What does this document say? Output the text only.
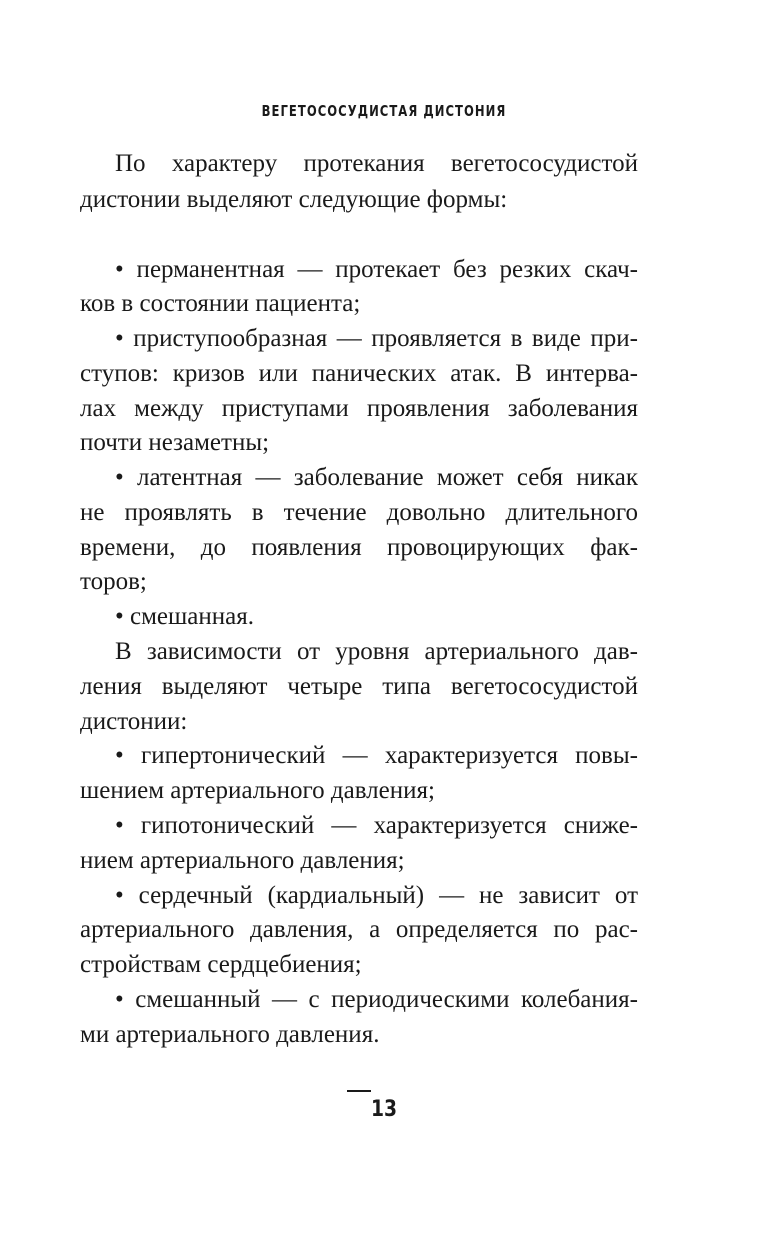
ВЕГЕТОСОСУДИСТАЯ ДИСТОНИЯ
По характеру протекания вегетососудистой
дистонии выделяют следующие формы:
• перманентная — протекает без резких скач-
ков в состоянии пациента;
• приступообразная — проявляется в виде при-
ступов: кризов или панических атак. В интерва-
лах между приступами проявления заболевания
почти незаметны;
• латентная — заболевание может себя никак
не проявлять в течение довольно длительного
времени, до появления провоцирующих фак-
торов;
• смешанная.
В зависимости от уровня артериального дав-
ления выделяют четыре типа вегетососудистой
дистонии:
• гипертонический — характеризуется повы-
шением артериального давления;
• гипотонический — характеризуется сниже-
нием артериального давления;
• сердечный (кардиальный) — не зависит от
артериального давления, а определяется по рас-
стройствам сердцебиения;
• смешанный — с периодическими колебания-
ми артериального давления.
13
